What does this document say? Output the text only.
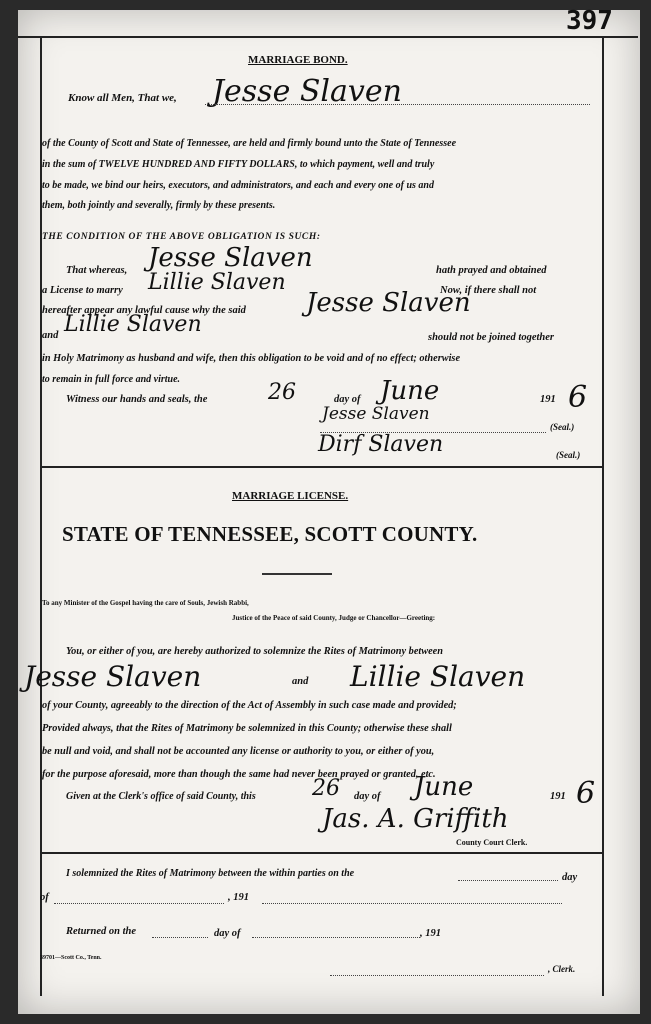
397
MARRIAGE BOND.
Know all Men, That we, Jesse Slaven
of the County of Scott and State of Tennessee, are held and firmly bound unto the State of Tennessee
in the sum of TWELVE HUNDRED AND FIFTY DOLLARS, to which payment, well and truly
to be made, we bind our heirs, executors, and administrators, and each and every one of us and
them, both jointly and severally, firmly by these presents.
THE CONDITION OF THE ABOVE OBLIGATION IS SUCH:
That whereas, Jesse Slaven	hath prayed and obtained
a License to marry Lillie Slaven	Now, if there shall not
hereafter appear any lawful cause why the said Jesse Slaven
and Lillie Slaven
should not be joined together
in Holy Matrimony as husband and wife, then this obligation to be void and of no effect; otherwise
to remain in full force and virtue.
Witness our hands and seals, the	26	day of June	191 6
Jesse Slaven
(Seal.)
Dirf Slaven	(Seal.)
MARRIAGE LICENSE.
STATE OF TENNESSEE, SCOTT COUNTY.
To any Minister of the Gospel having the care of Souls, Jewish Rabbi,
Justice of the Peace of said County, Judge or Chancellor—Greeting:
You, or either of you, are hereby authorized to solemnize the Rites of Matrimony between
Jesse Slaven	and Lillie Slaven
of your County, agreeably to the direction of the Act of Assembly in such case made and provided;
Provided always, that the Rites of Matrimony be solemnized in this County; otherwise these shall
be null and void, and shall not be accounted any license or authority to you, or either of you,
for the purpose aforesaid, more than though the same had never been prayed or granted, etc.
Given at the Clerk's office of said County, this	26 day of June	191 6
Jas. A. Griffith
County Court Clerk.
I solemnized the Rites of Matrimony between the within parties on the	day
of	, 191
Returned on the	day of	, 191
39701—Scott Co., Tenn.
, Clerk.
